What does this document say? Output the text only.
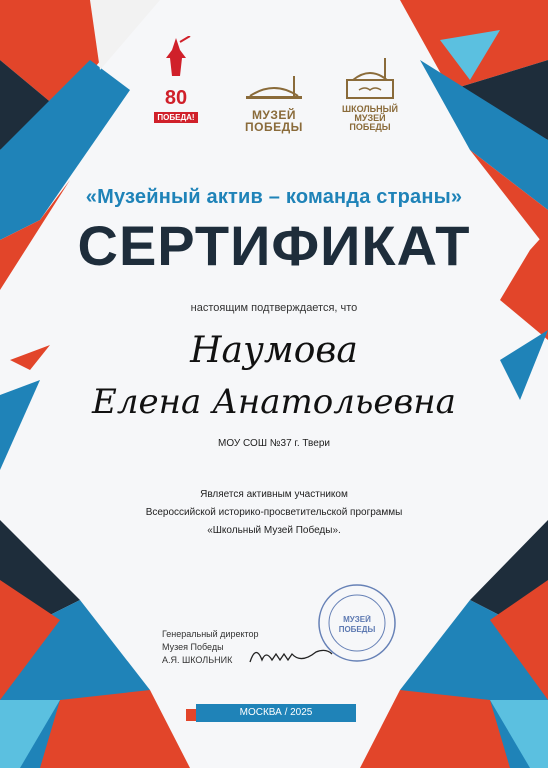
80
ПОБЕДА!	МУЗЕЙ
ПОБЕДЫ
ШКОЛЬНЫЙ
МУЗЕЙ
ПОБЕДЫ
«Музейный актив – команда страны»
СЕРТИФИКАТ
настоящим подтверждается, что
Наумова
Елена Анатольевна
МОУ СОШ №37 г. Твери
Является активным участником
Всероссийской историко-просветительской программы
«Школьный Музей Победы».
Генеральный директор
Музея Победы
А.Я. ШКОЛЬНИК
МУЗЕЙ
ПОБЕДЫ
МОСКВА / 2025
